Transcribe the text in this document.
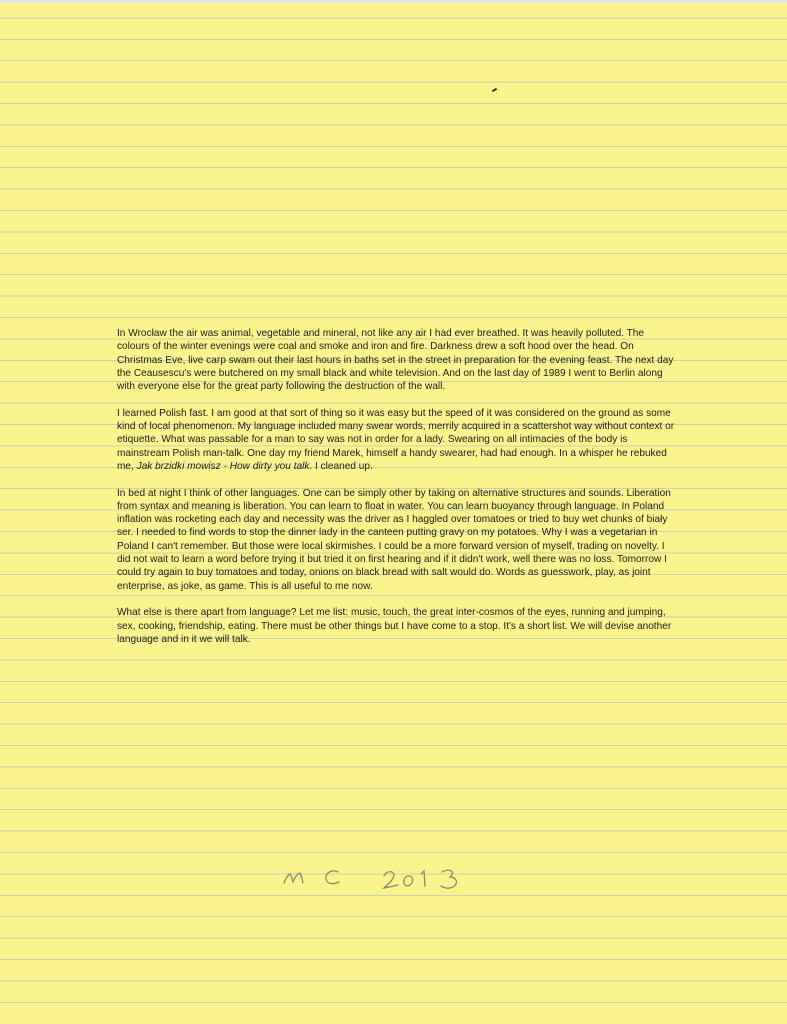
In Wrocław the air was animal, vegetable and mineral, not like any air I had ever breathed. It was heavily polluted. The colours of the winter evenings were coal and smoke and iron and fire. Darkness drew a soft hood over the head. On Christmas Eve, live carp swam out their last hours in baths set in the street in preparation for the evening feast. The next day the Ceausescu's were butchered on my small black and white television. And on the last day of 1989 I went to Berlin along with everyone else for the great party following the destruction of the wall.

I learned Polish fast. I am good at that sort of thing so it was easy but the speed of it was considered on the ground as some kind of local phenomenon. My language included many swear words, merrily acquired in a scattershot way without context or etiquette. What was passable for a man to say was not in order for a lady. Swearing on all intimacies of the body is mainstream Polish man-talk. One day my friend Marek, himself a handy swearer, had had enough. In a whisper he rebuked me, Jak brzidki mowisz - How dirty you talk. I cleaned up.

In bed at night I think of other languages. One can be simply other by taking on alternative structures and sounds. Liberation from syntax and meaning is liberation. You can learn to float in water. You can learn buoyancy through language. In Poland inflation was rocketing each day and necessity was the driver as I haggled over tomatoes or tried to buy wet chunks of biały ser. I needed to find words to stop the dinner lady in the canteen putting gravy on my potatoes. Why I was a vegetarian in Poland I can't remember. But those were local skirmishes. I could be a more forward version of myself, trading on novelty. I did not wait to learn a word before trying it but tried it on first hearing and if it didn't work, well there was no loss. Tomorrow I could try again to buy tomatoes and today, onions on black bread with salt would do. Words as guesswork, play, as joint enterprise, as joke, as game. This is all useful to me now.

What else is there apart from language? Let me list: music, touch, the great inter-cosmos of the eyes, running and jumping, sex, cooking, friendship, eating. There must be other things but I have come to a stop. It's a short list. We will devise another language and in it we will talk.
